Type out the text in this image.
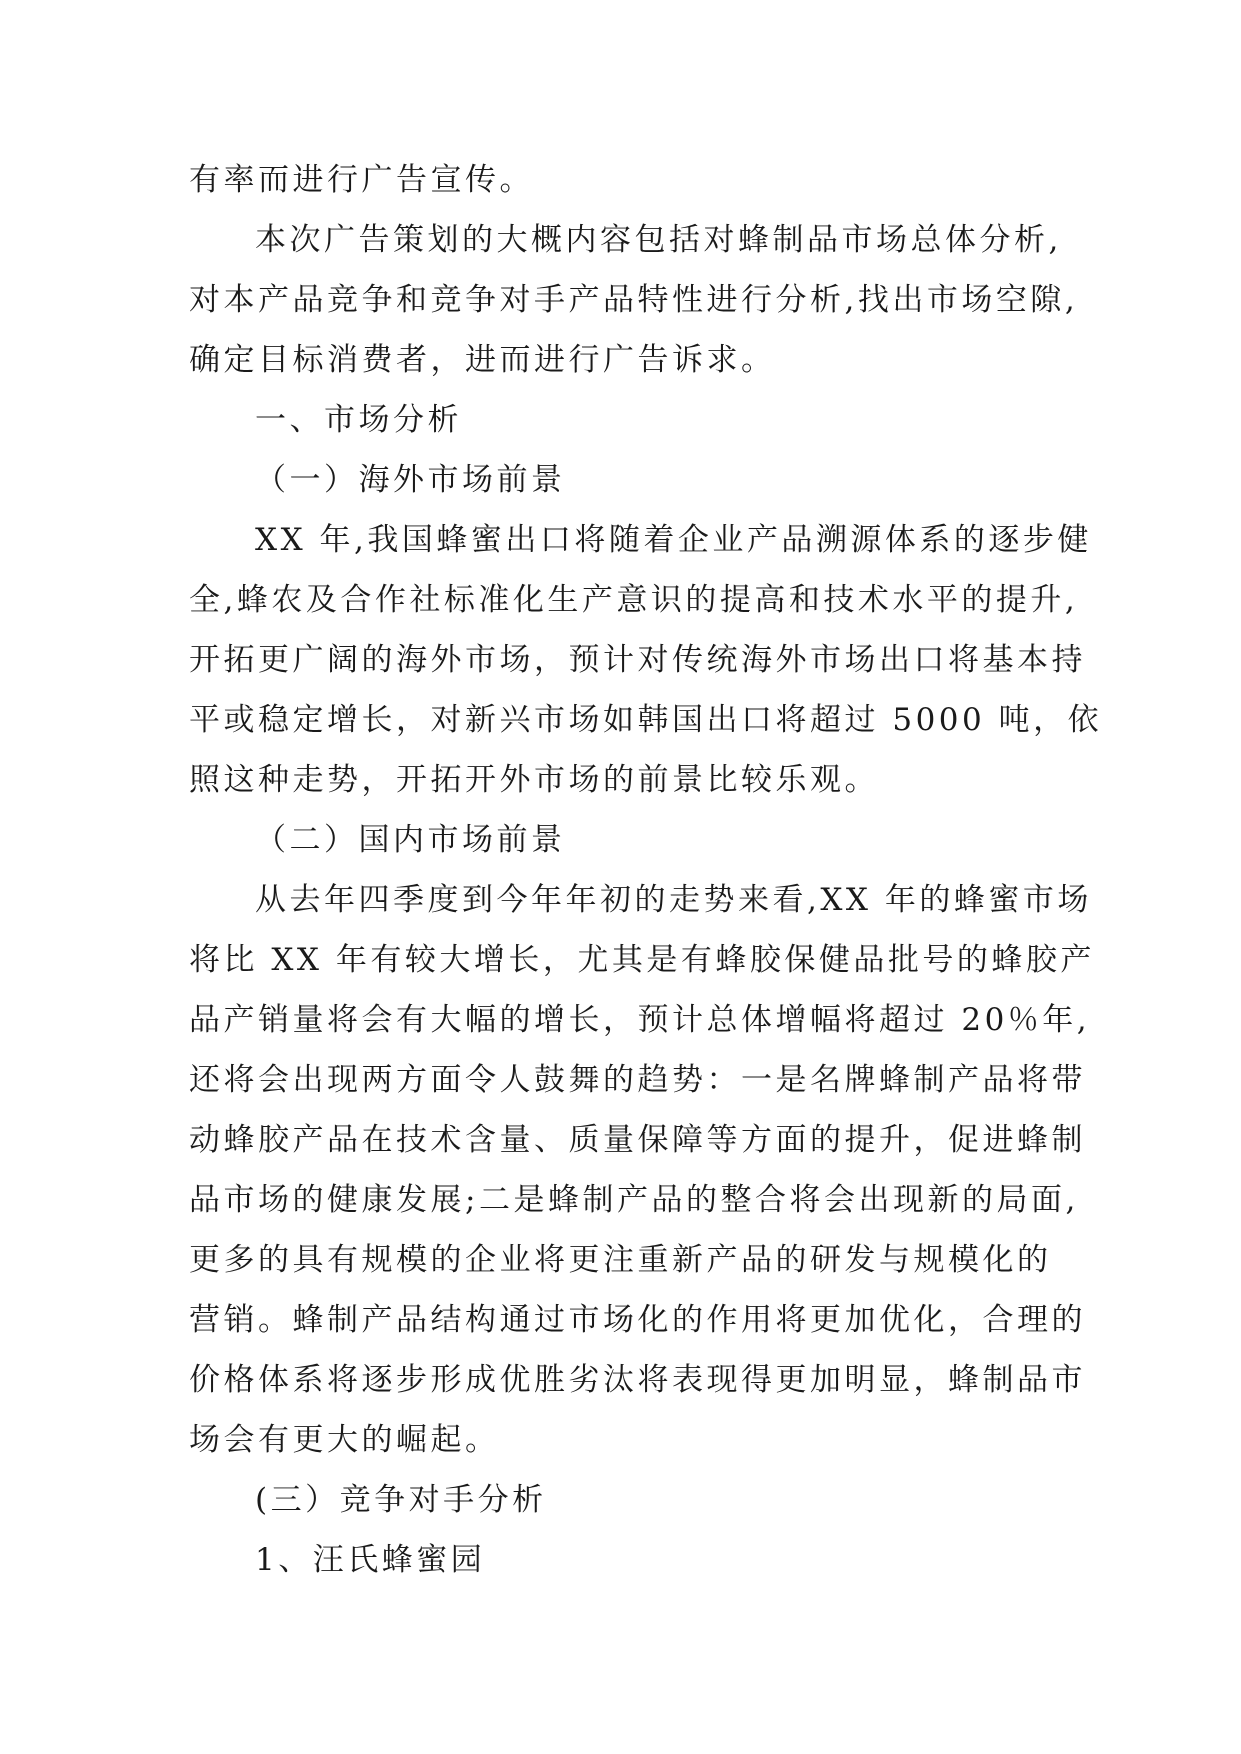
有率而进行广告宣传。
本次广告策划的大概内容包括对蜂制品市场总体分析,
对本产品竞争和竞争对手产品特性进行分析,找出市场空隙,
确定目标消费者，进而进行广告诉求。
一、市场分析
（一）海外市场前景
XX 年,我国蜂蜜出口将随着企业产品溯源体系的逐步健
全,蜂农及合作社标准化生产意识的提高和技术水平的提升,
开拓更广阔的海外市场，预计对传统海外市场出口将基本持
平或稳定增长，对新兴市场如韩国出口将超过 5000 吨，依
照这种走势，开拓开外市场的前景比较乐观。
（二）国内市场前景
从去年四季度到今年年初的走势来看,XX 年的蜂蜜市场
将比 XX 年有较大增长，尤其是有蜂胶保健品批号的蜂胶产
品产销量将会有大幅的增长，预计总体增幅将超过 20％年,
还将会出现两方面令人鼓舞的趋势：一是名牌蜂制产品将带
动蜂胶产品在技术含量、质量保障等方面的提升，促进蜂制
品市场的健康发展;二是蜂制产品的整合将会出现新的局面,
更多的具有规模的企业将更注重新产品的研发与规模化的
营销。蜂制产品结构通过市场化的作用将更加优化，合理的
价格体系将逐步形成优胜劣汰将表现得更加明显，蜂制品市
场会有更大的崛起。
(三）竞争对手分析
1、汪氏蜂蜜园
